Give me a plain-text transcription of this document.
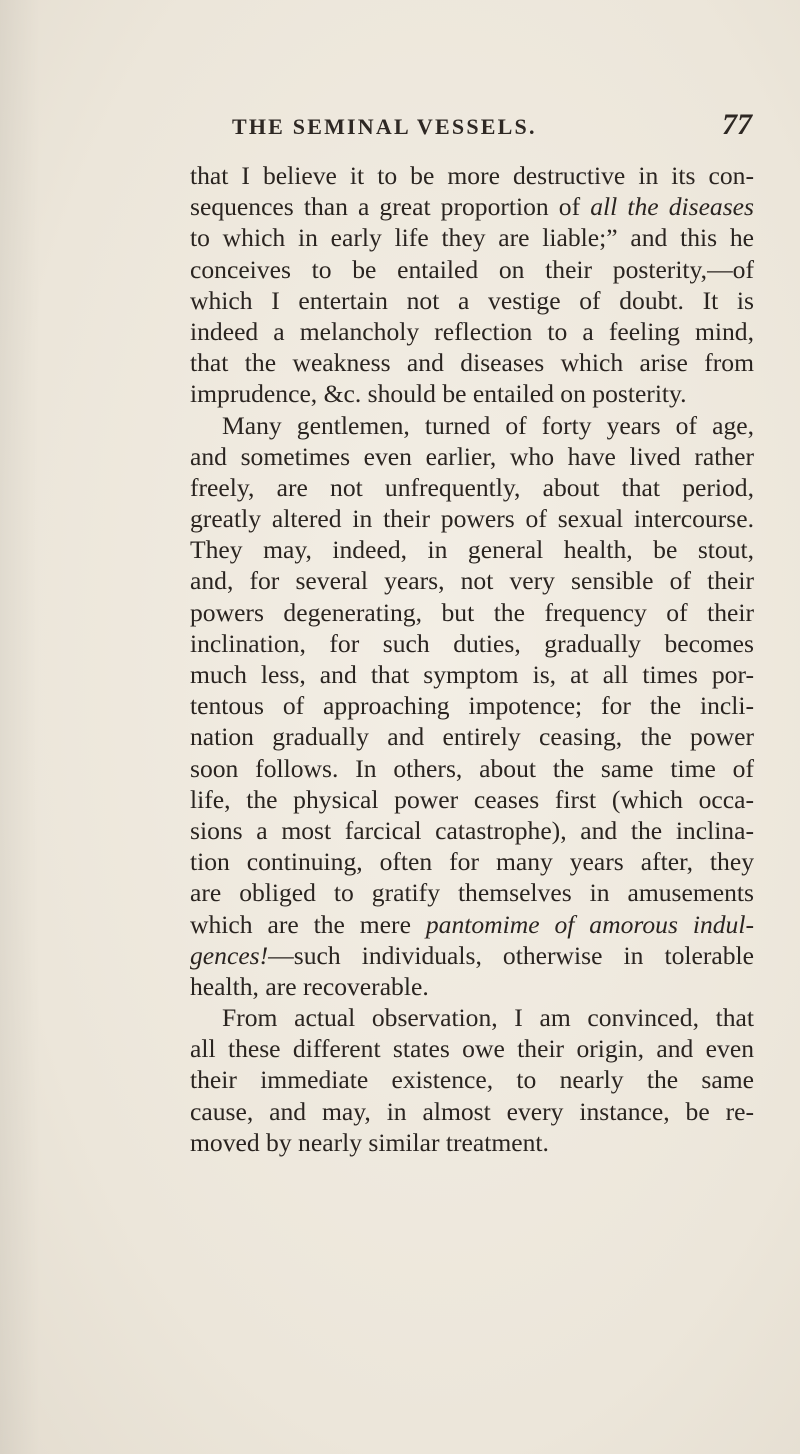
THE SEMINAL VESSELS.	77
that I believe it to be more destructive in its con-
sequences than a great proportion of all the diseases
to which in early life they are liable;” and this he
conceives to be entailed on their posterity,—of
which I entertain not a vestige of doubt. It is
indeed a melancholy reflection to a feeling mind,
that the weakness and diseases which arise from
imprudence, &c. should be entailed on posterity.
Many gentlemen, turned of forty years of age,
and sometimes even earlier, who have lived rather
freely, are not unfrequently, about that period,
greatly altered in their powers of sexual intercourse.
They may, indeed, in general health, be stout,
and, for several years, not very sensible of their
powers degenerating, but the frequency of their
inclination, for such duties, gradually becomes
much less, and that symptom is, at all times por-
tentous of approaching impotence; for the incli-
nation gradually and entirely ceasing, the power
soon follows. In others, about the same time of
life, the physical power ceases first (which occa-
sions a most farcical catastrophe), and the inclina-
tion continuing, often for many years after, they
are obliged to gratify themselves in amusements
which are the mere pantomime of amorous indul-
gences!—such individuals, otherwise in tolerable
health, are recoverable.
From actual observation, I am convinced, that
all these different states owe their origin, and even
their immediate existence, to nearly the same
cause, and may, in almost every instance, be re-
moved by nearly similar treatment.
